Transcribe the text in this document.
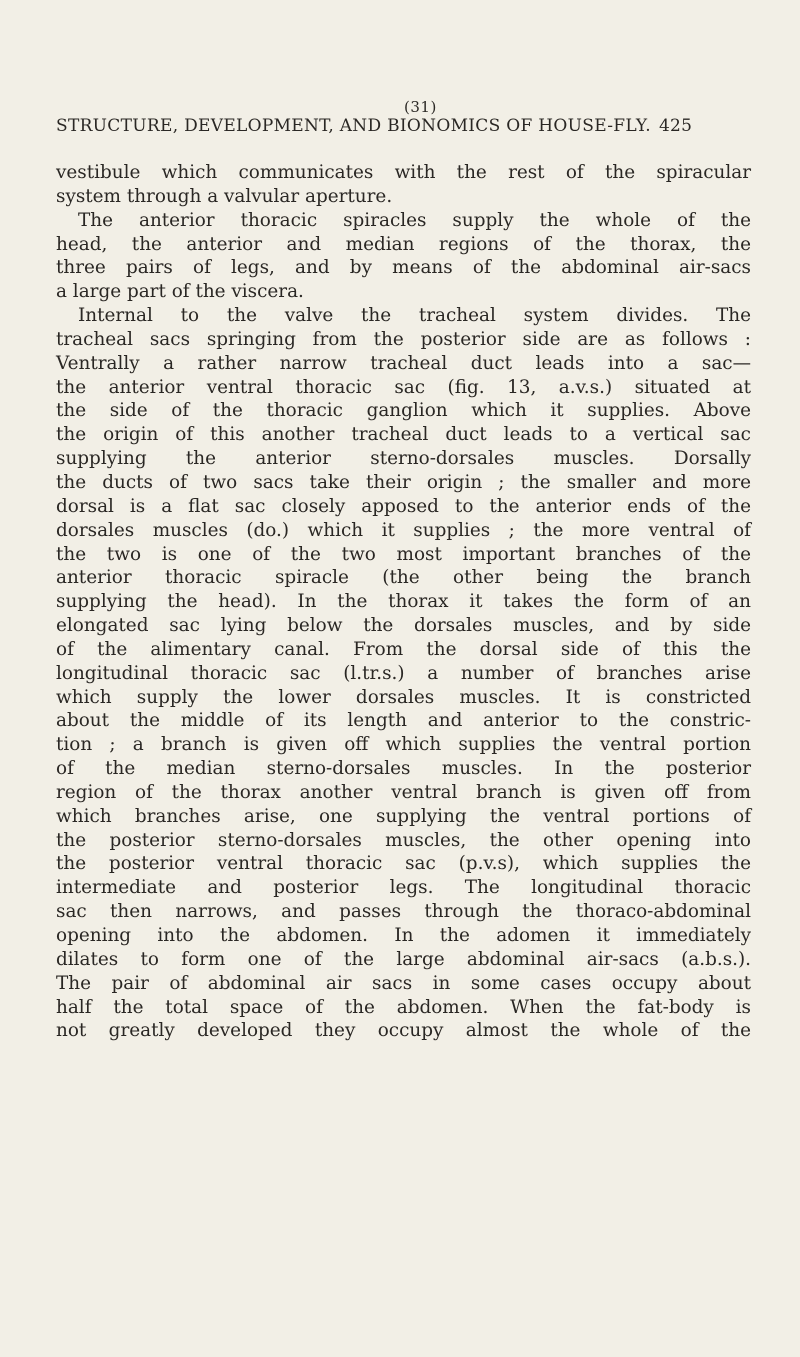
(31)
STRUCTURE, DEVELOPMENT, AND BIONOMICS OF HOUSE-FLY. 425
vestibule which communicates with the rest of the spiracular
system through a valvular aperture.
The anterior thoracic spiracles supply the whole of the
head, the anterior and median regions of the thorax, the
three pairs of legs, and by means of the abdominal air-sacs
a large part of the viscera.
Internal to the valve the tracheal system divides. The
tracheal sacs springing from the posterior side are as follows :
Ventrally a rather narrow tracheal duct leads into a sac—
the anterior ventral thoracic sac (fig. 13, a.v.s.) situated at
the side of the thoracic ganglion which it supplies. Above
the origin of this another tracheal duct leads to a vertical sac
supplying the anterior sterno-dorsales muscles. Dorsally
the ducts of two sacs take their origin ; the smaller and more
dorsal is a flat sac closely apposed to the anterior ends of the
dorsales muscles (do.) which it supplies ; the more ventral of
the two is one of the two most important branches of the
anterior thoracic spiracle (the other being the branch
supplying the head). In the thorax it takes the form of an
elongated sac lying below the dorsales muscles, and by side
of the alimentary canal. From the dorsal side of this the
longitudinal thoracic sac (l.tr.s.) a number of branches arise
which supply the lower dorsales muscles. It is constricted
about the middle of its length and anterior to the constric-
tion ; a branch is given off which supplies the ventral portion
of the median sterno-dorsales muscles. In the posterior
region of the thorax another ventral branch is given off from
which branches arise, one supplying the ventral portions of
the posterior sterno-dorsales muscles, the other opening into
the posterior ventral thoracic sac (p.v.s), which supplies the
intermediate and posterior legs. The longitudinal thoracic
sac then narrows, and passes through the thoraco-abdominal
opening into the abdomen. In the adomen it immediately
dilates to form one of the large abdominal air-sacs (a.b.s.).
The pair of abdominal air sacs in some cases occupy about
half the total space of the abdomen. When the fat-body is
not greatly developed they occupy almost the whole of the
